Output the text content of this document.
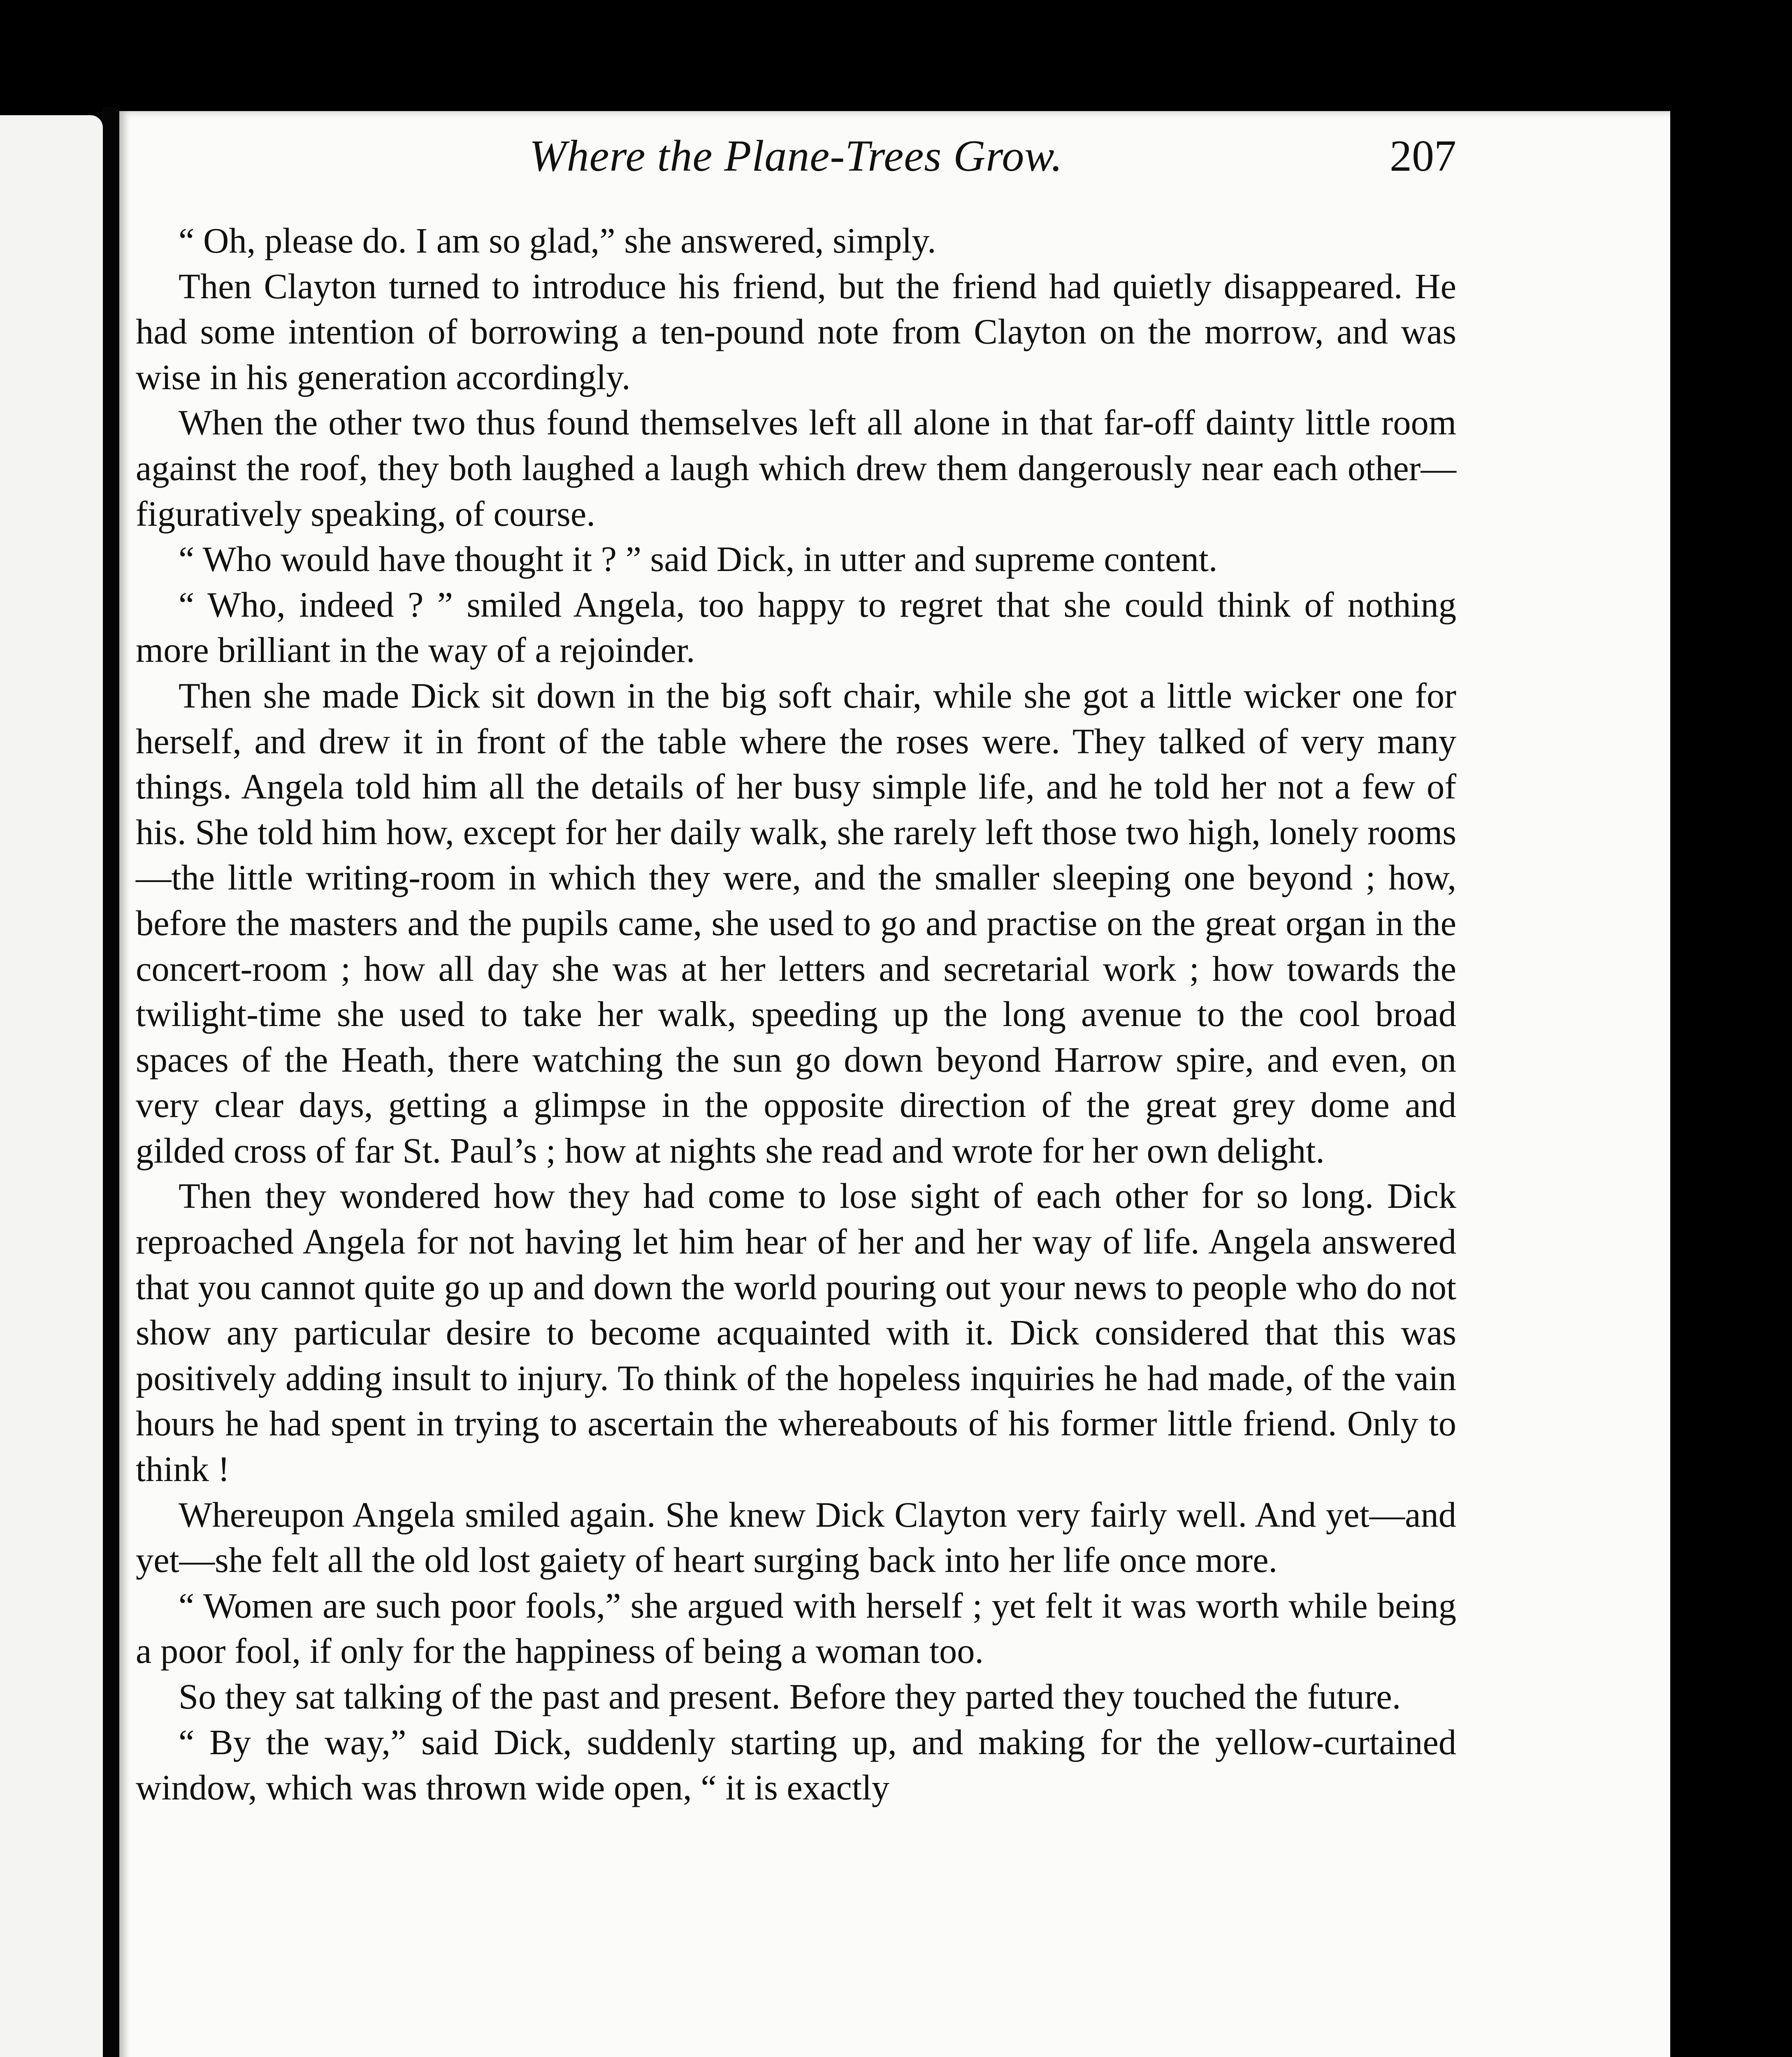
Where the Plane-Trees Grow.	207

“ Oh, please do. I am so glad,” she answered, simply.

Then Clayton turned to introduce his friend, but the friend had quietly disappeared. He had some intention of borrowing a ten-pound note from Clayton on the morrow, and was wise in his generation accordingly.

When the other two thus found themselves left all alone in that far-off dainty little room against the roof, they both laughed a laugh which drew them dangerously near each other—figuratively speaking, of course.

“ Who would have thought it ? ” said Dick, in utter and supreme content.

“ Who, indeed ? ” smiled Angela, too happy to regret that she could think of nothing more brilliant in the way of a rejoinder.

Then she made Dick sit down in the big soft chair, while she got a little wicker one for herself, and drew it in front of the table where the roses were. They talked of very many things. Angela told him all the details of her busy simple life, and he told her not a few of his. She told him how, except for her daily walk, she rarely left those two high, lonely rooms—the little writing-room in which they were, and the smaller sleeping one beyond ; how, before the masters and the pupils came, she used to go and practise on the great organ in the concert-room ; how all day she was at her letters and secretarial work ; how towards the twilight-time she used to take her walk, speeding up the long avenue to the cool broad spaces of the Heath, there watching the sun go down beyond Harrow spire, and even, on very clear days, getting a glimpse in the opposite direction of the great grey dome and gilded cross of far St. Paul’s ; how at nights she read and wrote for her own delight.

Then they wondered how they had come to lose sight of each other for so long. Dick reproached Angela for not having let him hear of her and her way of life. Angela answered that you cannot quite go up and down the world pouring out your news to people who do not show any particular desire to become acquainted with it. Dick considered that this was positively adding insult to injury. To think of the hopeless inquiries he had made, of the vain hours he had spent in trying to ascertain the whereabouts of his former little friend. Only to think !

Whereupon Angela smiled again. She knew Dick Clayton very fairly well. And yet—and yet—she felt all the old lost gaiety of heart surging back into her life once more.

“ Women are such poor fools,” she argued with herself ; yet felt it was worth while being a poor fool, if only for the happiness of being a woman too.

So they sat talking of the past and present. Before they parted they touched the future.

“ By the way,” said Dick, suddenly starting up, and making for the yellow-curtained window, which was thrown wide open, “ it is exactly
